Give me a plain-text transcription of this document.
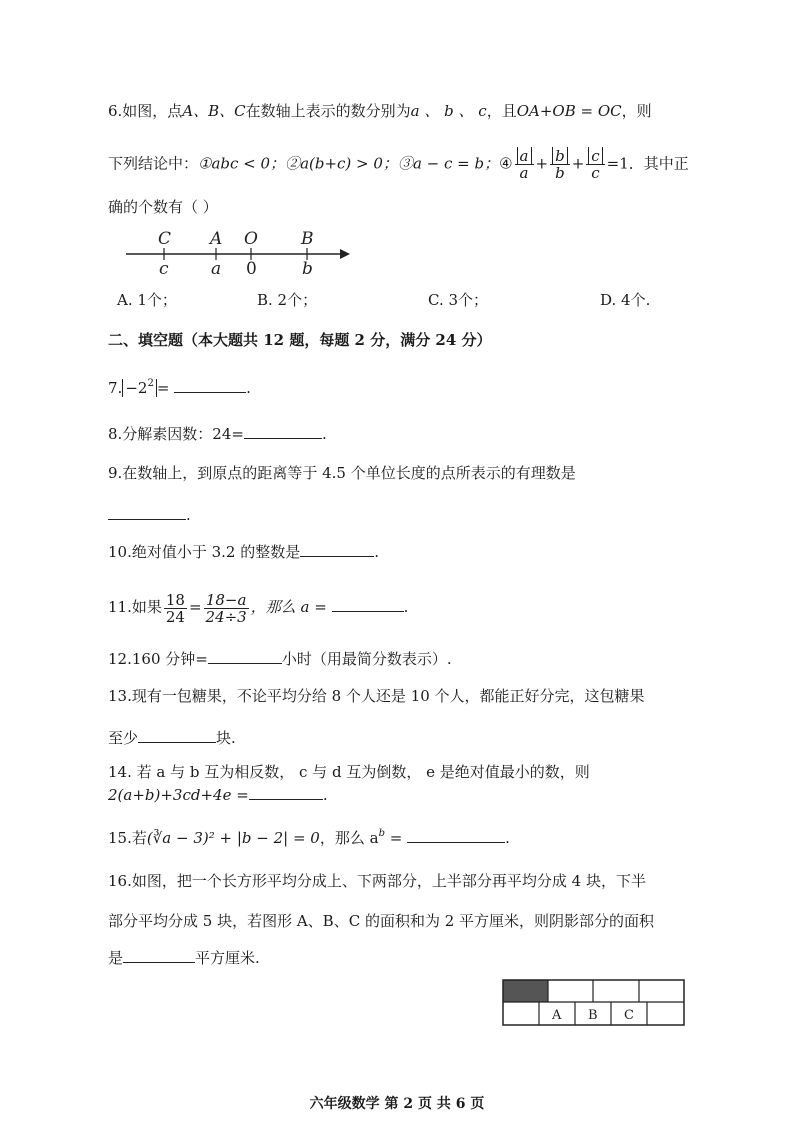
6.如图，点A、B、C在数轴上表示的数分别为a 、 b 、 c，且OA+OB = OC，则
下列结论中：①abc < 0；②a(b+c) > 0；③a − c = b；④ $\frac{a}{a} + \frac{b}{b} + \frac{c}{c} =1$．其中正
确的个数有（ ）
C A O	B
c a 0	b
A. 1个；	B. 2个；	C. 3个；	D. 4个.
二、填空题（本大题共 12 题，每题 2 分，满分 24 分）
7. $-2^2$ =	.
8.分解素因数：24=	.
9.在数轴上，到原点的距离等于 4.5 个单位长度的点所表示的有理数是
.
10.绝对值小于 3.2 的整数是	.
11.如果 $\frac{18}{24} = \frac{18-a}{24\div 3}$ ，那么 a =	.
12.160 分钟=	小时（用最简分数表示）.
13.现有一包糖果，不论平均分给 8 个人还是 10 个人，都能正好分完，这包糖果
至少	块.
14. 若 a 与 b 互为相反数， c 与 d 互为倒数， e 是绝对值最小的数，则
2(a+b)+3cd+4e =	.
15.若(∛a − 3)² + |b − 2| = 0，那么 $a^b$ =	.
16.如图，把一个长方形平均分成上、下两部分，上半部分再平均分成 4 块，下半
部分平均分成 5 块，若图形 A、B、C 的面积和为 2 平方厘米，则阴影部分的面积
是	平方厘米.
A B C
六年级数学 第 2 页 共 6 页
